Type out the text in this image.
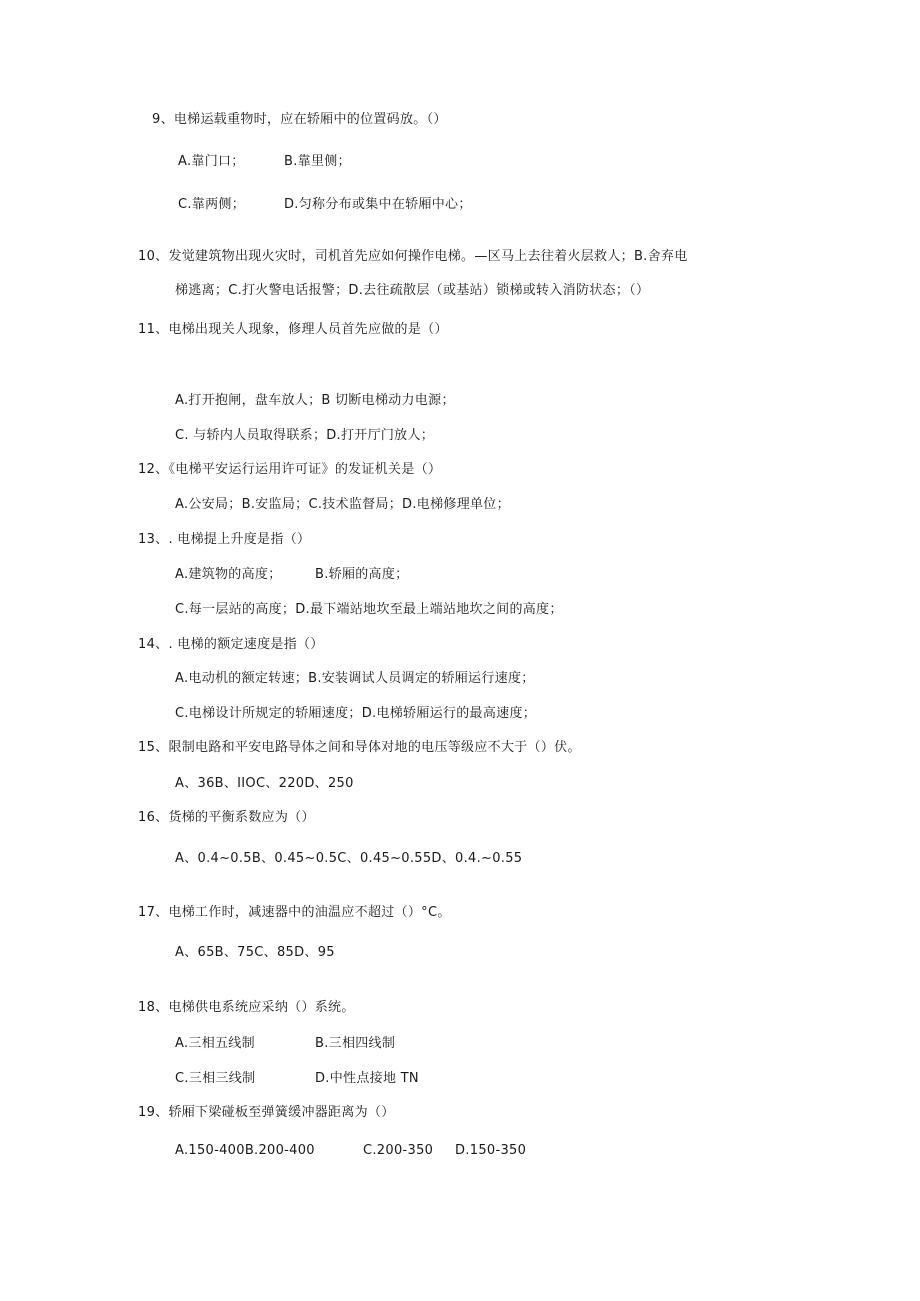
9、电梯运载重物时，应在轿厢中的位置码放。（）
A.靠门口；	B.靠里侧；
C.靠两侧；	D.匀称分布或集中在轿厢中心；
10、发觉建筑物出现火灾时，司机首先应如何操作电梯。—区马上去往着火层救人；B.舍弃电
梯逃离；C.打火警电话报警；D.去往疏散层（或基站）锁梯或转入消防状态；（）
11、电梯出现关人现象，修理人员首先应做的是（）
A.打开抱闸，盘车放人；B 切断电梯动力电源；
C. 与轿内人员取得联系；D.打开厅门放人；
12、《电梯平安运行运用许可证》的发证机关是（）
A.公安局；B.安监局；C.技术监督局；D.电梯修理单位；
13、. 电梯提上升度是指（）
A.建筑物的高度；	B.轿厢的高度；
C.每一层站的高度；D.最下端站地坎至最上端站地坎之间的高度；
14、. 电梯的额定速度是指（）
A.电动机的额定转速；B.安装调试人员调定的轿厢运行速度；
C.电梯设计所规定的轿厢速度；D.电梯轿厢运行的最高速度；
15、限制电路和平安电路导体之间和导体对地的电压等级应不大于（）伏。
A、36B、IIOC、220D、250
16、货梯的平衡系数应为（）
A、0.4~0.5B、0.45~0.5C、0.45~0.55D、0.4.~0.55
17、电梯工作时，减速器中的油温应不超过（）°C。
A、65B、75C、85D、95
18、电梯供电系统应采纳（）系统。
A.三相五线制	B.三相四线制
C.三相三线制	D.中性点接地 TN
19、轿厢下梁碰板至弹簧缓冲器距离为（）
A.150-400B.200-400	C.200-350 D.150-350
